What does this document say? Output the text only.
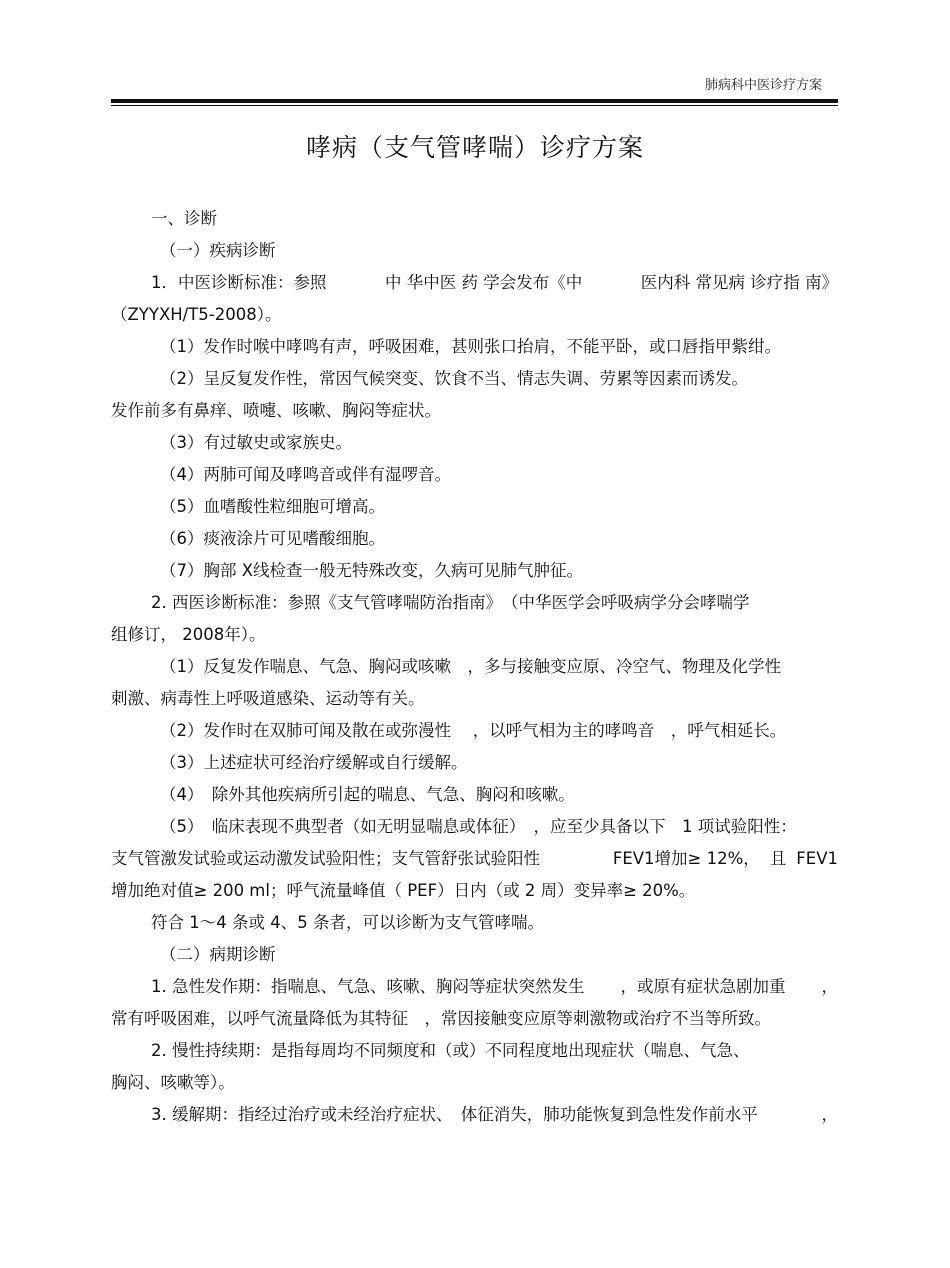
肺病科中医诊疗方案
哮病（支气管哮喘）诊疗方案
一、诊断
（一）疾病诊断
1．中医诊断标准：参照	中 华中医 药 学会发布《中	医内科 常见病 诊疗指 南》
（ZYYXH/T5-2008）。
（1）发作时喉中哮鸣有声，呼吸困难，甚则张口抬肩，不能平卧，或口唇指甲紫绀。
（2）呈反复发作性，常因气候突变、饮食不当、情志失调、劳累等因素而诱发。
发作前多有鼻痒、喷嚏、咳嗽、胸闷等症状。
（3）有过敏史或家族史。
（4）两肺可闻及哮鸣音或伴有湿啰音。
（5）血嗜酸性粒细胞可增高。
（6）痰液涂片可见嗜酸细胞。
（7）胸部 X线检查一般无特殊改变，久病可见肺气肿征。
2. 西医诊断标准：参照《支气管哮喘防治指南》　（中华医学会呼吸病学分会哮喘学
组修订， 2008年）。
（1）反复发作喘息、气急、胸闷或咳嗽　，多与接触变应原、冷空气、物理及化学性
刺激、病毒性上呼吸道感染、运动等有关。
（2）发作时在双肺可闻及散在或弥漫性　 ，以呼气相为主的哮鸣音　，呼气相延长。
（3）上述症状可经治疗缓解或自行缓解。
（4）　除外其他疾病所引起的喘息、气急、胸闷和咳嗽。
（5）　临床表现不典型者（如无明显喘息或体征）　，应至少具备以下　1 项试验阳性：
支气管激发试验或运动激发试验阳性；支气管舒张试验阳性	FEV1增加≥ 12%， 且 FEV1
增加绝对值≥ 200 ml；呼气流量峰值（ PEF）日内（或 2 周）变异率≥ 20%。
符合 1～4 条或 4、5 条者，可以诊断为支气管哮喘。
（二）病期诊断
1. 急性发作期：指喘息、气急、咳嗽、胸闷等症状突然发生 ，或原有症状急剧加重 ，
常有呼吸困难，以呼气流量降低为其特征　，常因接触变应原等刺激物或治疗不当等所致。
2. 慢性持续期：是指每周均不同频度和（或）不同程度地出现症状（喘息、气急、
胸闷、咳嗽等）。
3. 缓解期：指经过治疗或未经治疗症状、　体征消失，肺功能恢复到急性发作前水平	，
